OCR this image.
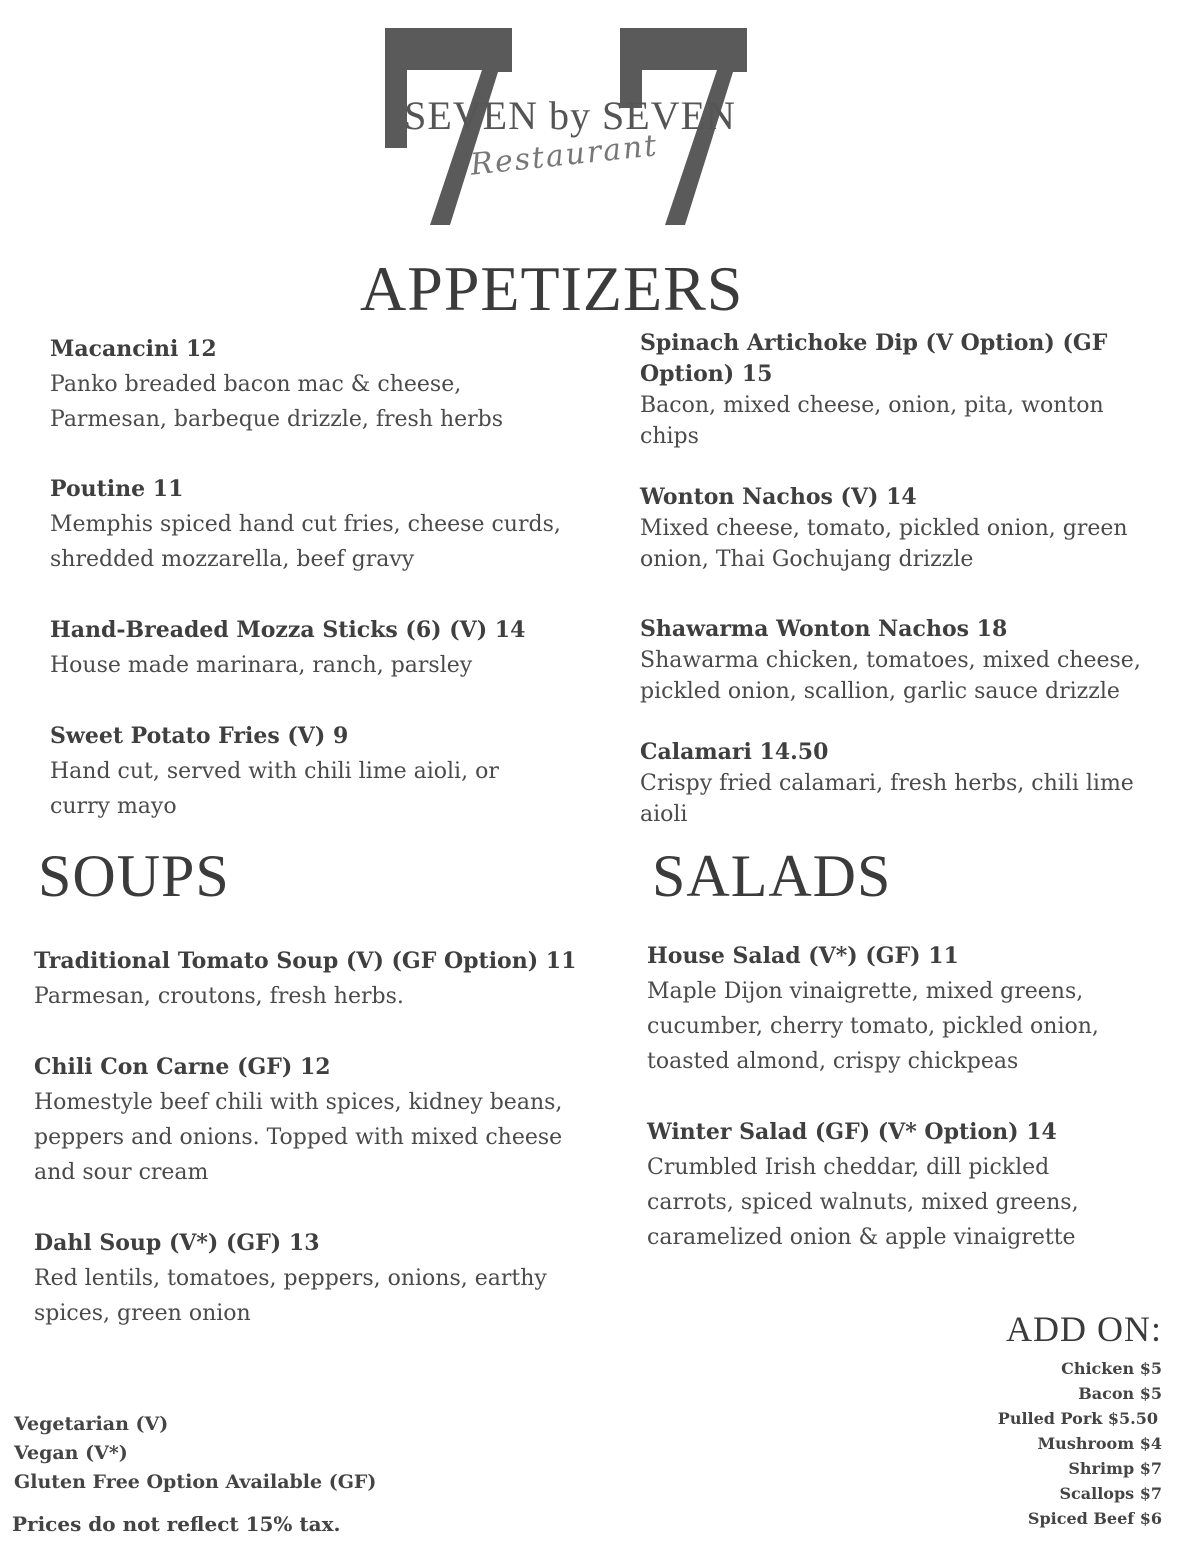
SEVEN by SEVEN
Restaurant
APPETIZERS
Macancini 12
Panko breaded bacon mac & cheese, Parmesan, barbeque drizzle, fresh herbs
Poutine 11
Memphis spiced hand cut fries, cheese curds, shredded mozzarella, beef gravy
Hand-Breaded Mozza Sticks (6) (V) 14
House made marinara, ranch, parsley
Sweet Potato Fries (V) 9
Hand cut, served with chili lime aioli, or curry mayo
Spinach Artichoke Dip (V Option) (GF Option) 15
Bacon, mixed cheese, onion, pita, wonton chips
Wonton Nachos (V) 14
Mixed cheese, tomato, pickled onion, green onion, Thai Gochujang drizzle
Shawarma Wonton Nachos 18
Shawarma chicken, tomatoes, mixed cheese, pickled onion, scallion, garlic sauce drizzle
Calamari 14.50
Crispy fried calamari, fresh herbs, chili lime aioli
SOUPS
Traditional Tomato Soup (V) (GF Option) 11
Parmesan, croutons, fresh herbs.
Chili Con Carne (GF) 12
Homestyle beef chili with spices, kidney beans, peppers and onions. Topped with mixed cheese and sour cream
Dahl Soup (V*) (GF) 13
Red lentils, tomatoes, peppers, onions, earthy spices, green onion
SALADS
House Salad (V*) (GF) 11
Maple Dijon vinaigrette, mixed greens, cucumber, cherry tomato, pickled onion, toasted almond, crispy chickpeas
Winter Salad (GF) (V* Option) 14
Crumbled Irish cheddar, dill pickled carrots, spiced walnuts, mixed greens, caramelized onion & apple vinaigrette
ADD ON:
Chicken $5
Bacon $5
Pulled Pork $5.50
Mushroom $4
Shrimp $7
Scallops $7
Spiced Beef $6
Vegetarian (V)
Vegan (V*)
Gluten Free Option Available (GF)
Prices do not reflect 15% tax.
